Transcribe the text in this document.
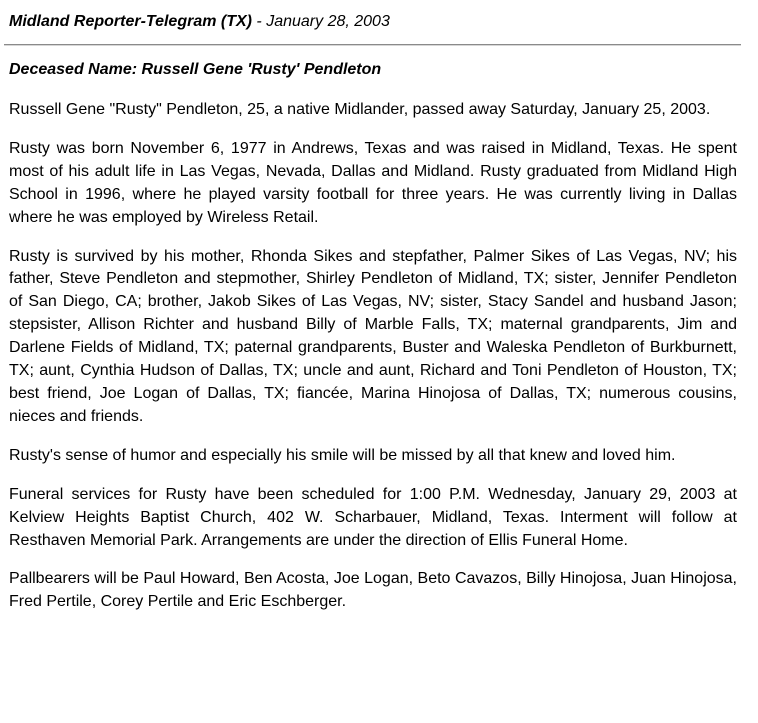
Midland Reporter-Telegram (TX) - January 28, 2003
Deceased Name: Russell Gene 'Rusty' Pendleton

Russell Gene "Rusty" Pendleton, 25, a native Midlander, passed away Saturday, January 25, 2003.

Rusty was born November 6, 1977 in Andrews, Texas and was raised in Midland, Texas. He spent most of his adult life in Las Vegas, Nevada, Dallas and Midland. Rusty graduated from Midland High School in 1996, where he played varsity football for three years. He was currently living in Dallas where he was employed by Wireless Retail.

Rusty is survived by his mother, Rhonda Sikes and stepfather, Palmer Sikes of Las Vegas, NV; his father, Steve Pendleton and stepmother, Shirley Pendleton of Midland, TX; sister, Jennifer Pendleton of San Diego, CA; brother, Jakob Sikes of Las Vegas, NV; sister, Stacy Sandel and husband Jason; stepsister, Allison Richter and husband Billy of Marble Falls, TX; maternal grandparents, Jim and Darlene Fields of Midland, TX; paternal grandparents, Buster and Waleska Pendleton of Burkburnett, TX; aunt, Cynthia Hudson of Dallas, TX; uncle and aunt, Richard and Toni Pendleton of Houston, TX; best friend, Joe Logan of Dallas, TX; fiancée, Marina Hinojosa of Dallas, TX; numerous cousins, nieces and friends.

Rusty's sense of humor and especially his smile will be missed by all that knew and loved him.

Funeral services for Rusty have been scheduled for 1:00 P.M. Wednesday, January 29, 2003 at Kelview Heights Baptist Church, 402 W. Scharbauer, Midland, Texas. Interment will follow at Resthaven Memorial Park. Arrangements are under the direction of Ellis Funeral Home.

Pallbearers will be Paul Howard, Ben Acosta, Joe Logan, Beto Cavazos, Billy Hinojosa, Juan Hinojosa, Fred Pertile, Corey Pertile and Eric Eschberger.
